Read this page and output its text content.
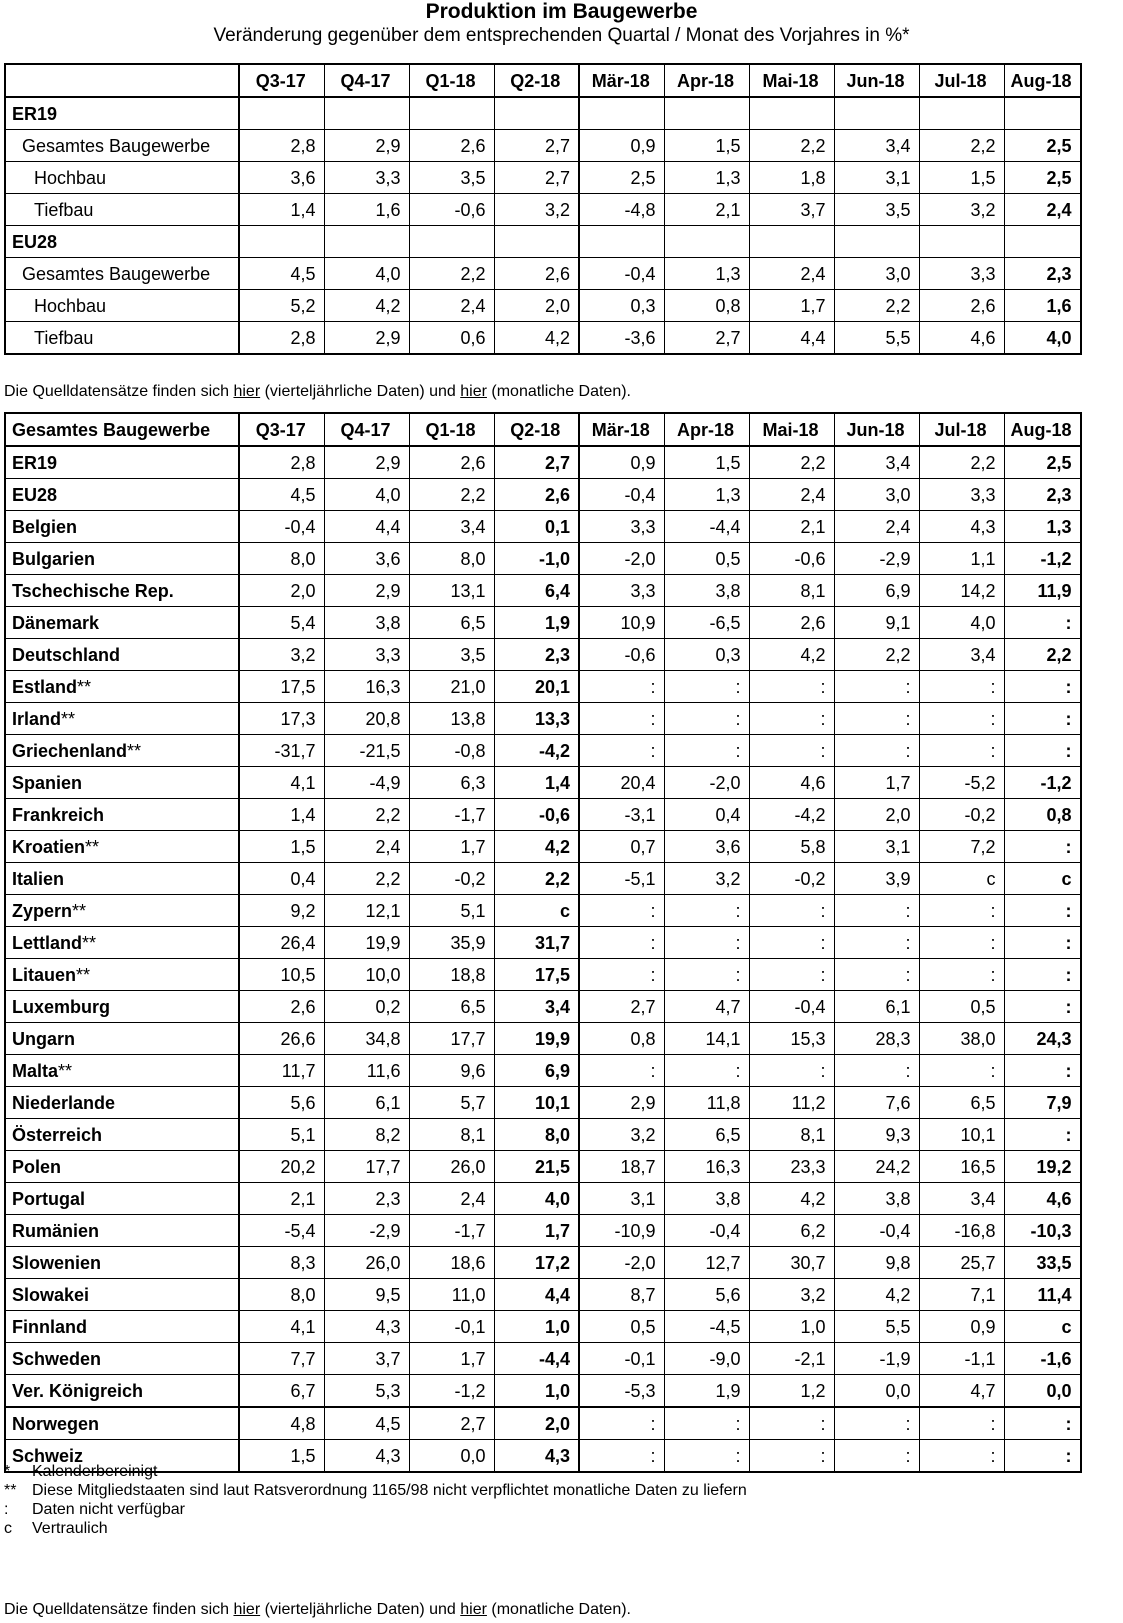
Produktion im Baugewerbe
Veränderung gegenüber dem entsprechenden Quartal / Monat des Vorjahres in %*
	Q3-17	Q4-17	Q1-18	Q2-18	Mär-18	Apr-18	Mai-18	Jun-18	Jul-18	Aug-18
ER19										
Gesamtes Baugewerbe	2,8	2,9	2,6	2,7	0,9	1,5	2,2	3,4	2,2	2,5
Hochbau	3,6	3,3	3,5	2,7	2,5	1,3	1,8	3,1	1,5	2,5
Tiefbau	1,4	1,6	-0,6	3,2	-4,8	2,1	3,7	3,5	3,2	2,4
EU28										
Gesamtes Baugewerbe	4,5	4,0	2,2	2,6	-0,4	1,3	2,4	3,0	3,3	2,3
Hochbau	5,2	4,2	2,4	2,0	0,3	0,8	1,7	2,2	2,6	1,6
Tiefbau	2,8	2,9	0,6	4,2	-3,6	2,7	4,4	5,5	4,6	4,0
Die Quelldatensätze finden sich hier (vierteljährliche Daten) und hier (monatliche Daten).
Gesamtes Baugewerbe	Q3-17	Q4-17	Q1-18	Q2-18	Mär-18	Apr-18	Mai-18	Jun-18	Jul-18	Aug-18
ER19	2,8	2,9	2,6	2,7	0,9	1,5	2,2	3,4	2,2	2,5
EU28	4,5	4,0	2,2	2,6	-0,4	1,3	2,4	3,0	3,3	2,3
Belgien	-0,4	4,4	3,4	0,1	3,3	-4,4	2,1	2,4	4,3	1,3
Bulgarien	8,0	3,6	8,0	-1,0	-2,0	0,5	-0,6	-2,9	1,1	-1,2
Tschechische Rep.	2,0	2,9	13,1	6,4	3,3	3,8	8,1	6,9	14,2	11,9
Dänemark	5,4	3,8	6,5	1,9	10,9	-6,5	2,6	9,1	4,0	:
Deutschland	3,2	3,3	3,5	2,3	-0,6	0,3	4,2	2,2	3,4	2,2
Estland**	17,5	16,3	21,0	20,1	:	:	:	:	:	:
Irland**	17,3	20,8	13,8	13,3	:	:	:	:	:	:
Griechenland**	-31,7	-21,5	-0,8	-4,2	:	:	:	:	:	:
Spanien	4,1	-4,9	6,3	1,4	20,4	-2,0	4,6	1,7	-5,2	-1,2
Frankreich	1,4	2,2	-1,7	-0,6	-3,1	0,4	-4,2	2,0	-0,2	0,8
Kroatien**	1,5	2,4	1,7	4,2	0,7	3,6	5,8	3,1	7,2	:
Italien	0,4	2,2	-0,2	2,2	-5,1	3,2	-0,2	3,9	c	c
Zypern**	9,2	12,1	5,1	c	:	:	:	:	:	:
Lettland**	26,4	19,9	35,9	31,7	:	:	:	:	:	:
Litauen**	10,5	10,0	18,8	17,5	:	:	:	:	:	:
Luxemburg	2,6	0,2	6,5	3,4	2,7	4,7	-0,4	6,1	0,5	:
Ungarn	26,6	34,8	17,7	19,9	0,8	14,1	15,3	28,3	38,0	24,3
Malta**	11,7	11,6	9,6	6,9	:	:	:	:	:	:
Niederlande	5,6	6,1	5,7	10,1	2,9	11,8	11,2	7,6	6,5	7,9
Österreich	5,1	8,2	8,1	8,0	3,2	6,5	8,1	9,3	10,1	:
Polen	20,2	17,7	26,0	21,5	18,7	16,3	23,3	24,2	16,5	19,2
Portugal	2,1	2,3	2,4	4,0	3,1	3,8	4,2	3,8	3,4	4,6
Rumänien	-5,4	-2,9	-1,7	1,7	-10,9	-0,4	6,2	-0,4	-16,8	-10,3
Slowenien	8,3	26,0	18,6	17,2	-2,0	12,7	30,7	9,8	25,7	33,5
Slowakei	8,0	9,5	11,0	4,4	8,7	5,6	3,2	4,2	7,1	11,4
Finnland	4,1	4,3	-0,1	1,0	0,5	-4,5	1,0	5,5	0,9	c
Schweden	7,7	3,7	1,7	-4,4	-0,1	-9,0	-2,1	-1,9	-1,1	-1,6
Ver. Königreich	6,7	5,3	-1,2	1,0	-5,3	1,9	1,2	0,0	4,7	0,0
Norwegen	4,8	4,5	2,7	2,0	:	:	:	:	:	:
Schweiz	1,5	4,3	0,0	4,3	:	:	:	:	:	:
* Kalenderbereinigt
** Diese Mitgliedstaaten sind laut Ratsverordnung 1165/98 nicht verpflichtet monatliche Daten zu liefern
: Daten nicht verfügbar
c Vertraulich
Die Quelldatensätze finden sich hier (vierteljährliche Daten) und hier (monatliche Daten).
